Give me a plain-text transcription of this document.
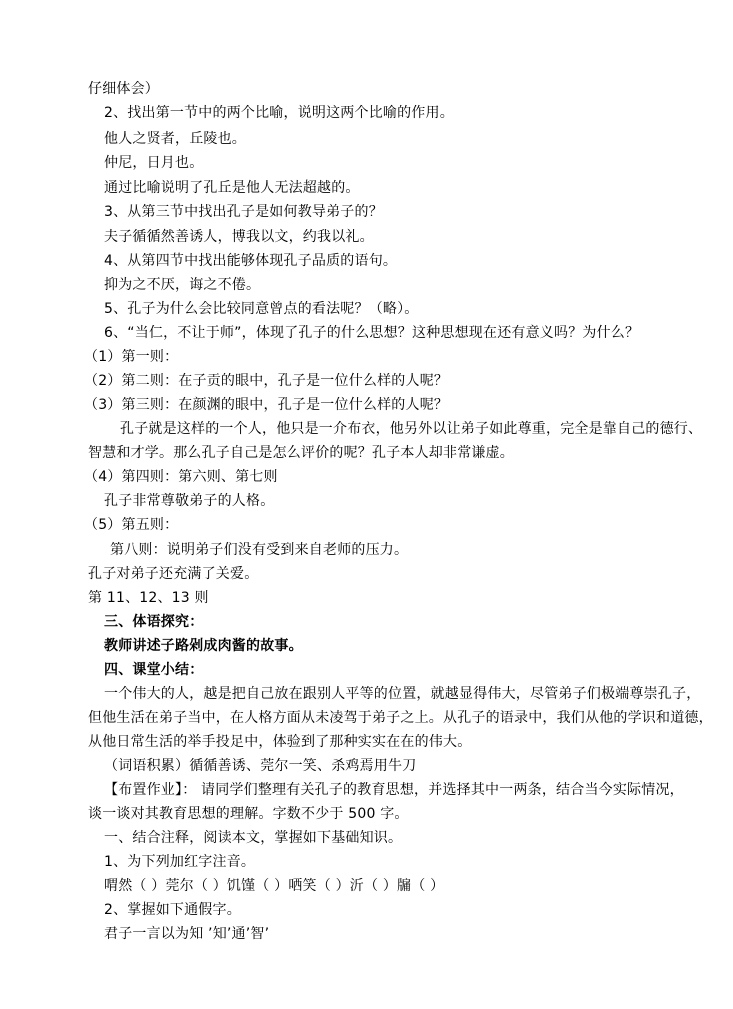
仔细体会）
2、找出第一节中的两个比喻，说明这两个比喻的作用。
他人之贤者，丘陵也。
仲尼，日月也。
通过比喻说明了孔丘是他人无法超越的。
3、从第三节中找出孔子是如何教导弟子的？
夫子循循然善诱人，博我以文，约我以礼。
4、从第四节中找出能够体现孔子品质的语句。
抑为之不厌，诲之不倦。
5、孔子为什么会比较同意曾点的看法呢？（略）。
6、“当仁，不让于师”，体现了孔子的什么思想？这种思想现在还有意义吗？为什么？
（1）第一则：
（2）第二则：在子贡的眼中，孔子是一位什么样的人呢？
（3）第三则：在颜渊的眼中，孔子是一位什么样的人呢？
孔子就是这样的一个人，他只是一介布衣，他另外以让弟子如此尊重，完全是靠自己的德行、
智慧和才学。那么孔子自己是怎么评价的呢？孔子本人却非常谦虚。
（4）第四则：第六则、第七则
孔子非常尊敬弟子的人格。
（5）第五则：
第八则：说明弟子们没有受到来自老师的压力。
孔子对弟子还充满了关爱。
第 11、12、13 则
三、体语探究：
教师讲述子路剁成肉酱的故事。
四、课堂小结：
一个伟大的人，越是把自己放在跟别人平等的位置，就越显得伟大，尽管弟子们极端尊崇孔子，
但他生活在弟子当中，在人格方面从未凌驾于弟子之上。从孔子的语录中，我们从他的学识和道德，
从他日常生活的举手投足中，体验到了那种实实在在的伟大。
（词语积累）循循善诱、莞尔一笑、杀鸡焉用牛刀
【布置作业】： 请同学们整理有关孔子的教育思想，并选择其中一两条，结合当今实际情况，
谈一谈对其教育思想的理解。字数不少于 500 字。
一、结合注释，阅读本文，掌握如下基础知识。
1、为下列加红字注音。
喟然（ ）莞尔（ ）饥馑（ ）哂笑（ ）沂（ ）牖（ ）
2、掌握如下通假字。
君子一言以为知 ’知’通’智’
